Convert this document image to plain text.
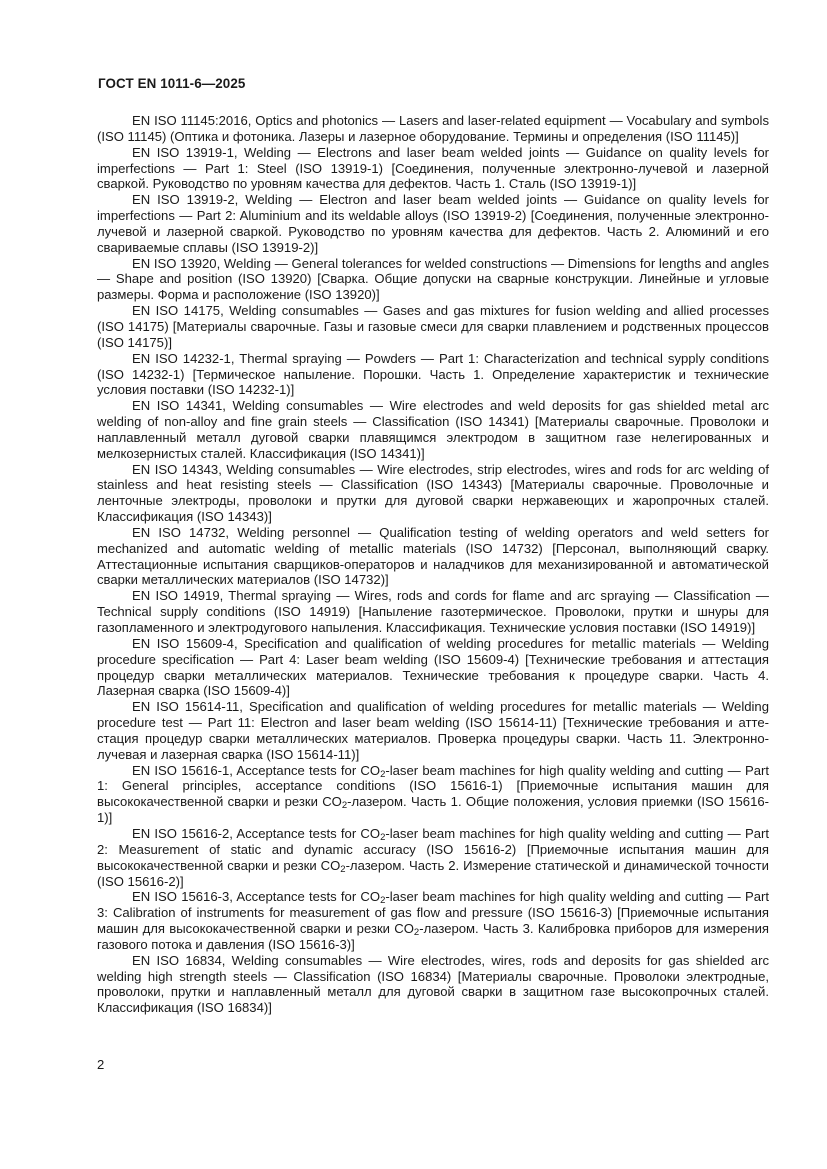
ГОСТ EN 1011-6—2025

EN ISO 11145:2016, Optics and photonics — Lasers and laser-related equipment — Vocabulary and symbols (ISO 11145) (Оптика и фотоника. Лазеры и лазерное оборудование. Термины и определения (ISO 11145)]

EN ISO 13919-1, Welding — Electrons and laser beam welded joints — Guidance on quality levels for imperfections — Part 1: Steel (ISO 13919-1) [Соединения, полученные электронно-лучевой и лазерной сваркой. Руководство по уровням качества для дефектов. Часть 1. Сталь (ISO 13919-1)]

EN ISO 13919-2, Welding — Electron and laser beam welded joints — Guidance on quality levels for imperfections — Part 2: Aluminium and its weldable alloys (ISO 13919-2) [Соединения, полученные электронно-лучевой и лазерной сваркой. Руководство по уровням качества для дефектов. Часть 2. Алюминий и его свариваемые сплавы (ISO 13919-2)]

EN ISO 13920, Welding — General tolerances for welded constructions — Dimensions for lengths and angles — Shape and position (ISO 13920) [Сварка. Общие допуски на сварные конструкции. Линейные и угловые размеры. Форма и расположение (ISO 13920)]

EN ISO 14175, Welding consumables — Gases and gas mixtures for fusion welding and allied processes (ISO 14175) [Материалы сварочные. Газы и газовые смеси для сварки плавлением и родственных процессов (ISO 14175)]

EN ISO 14232-1, Thermal spraying — Powders — Part 1: Characterization and technical sypply conditions (ISO 14232-1) [Термическое напыление. Порошки. Часть 1. Определение характеристик и технические условия поставки (ISO 14232-1)]

EN ISO 14341, Welding consumables — Wire electrodes and weld deposits for gas shielded metal arc welding of non-alloy and fine grain steels — Classification (ISO 14341) [Материалы сварочные. Проволоки и наплавленный металл дуговой сварки плавящимся электродом в защитном газе нелегированных и мелкозернистых сталей. Классификация (ISO 14341)]

EN ISO 14343, Welding consumables — Wire electrodes, strip electrodes, wires and rods for arc welding of stainless and heat resisting steels — Classification (ISO 14343) [Материалы сварочные. Проволочные и ленточные электроды, проволоки и прутки для дуговой сварки нержавеющих и жаропрочных сталей. Классификация (ISO 14343)]

EN ISO 14732, Welding personnel — Qualification testing of welding operators and weld setters for mechanized and automatic welding of metallic materials (ISO 14732) [Персонал, выполняющий сварку. Аттестационные испытания сварщиков-операторов и наладчиков для механизированной и автоматической сварки металлических материалов (ISO 14732)]

EN ISO 14919, Thermal spraying — Wires, rods and cords for flame and arc spraying — Classification — Technical supply conditions (ISO 14919) [Напыление газотермическое. Проволоки, прутки и шнуры для газопламенного и электродугового напыления. Классификация. Технические условия поставки (ISO 14919)]

EN ISO 15609-4, Specification and qualification of welding procedures for metallic materials — Welding procedure specification — Part 4: Laser beam welding (ISO 15609-4) [Технические требования и аттестация процедур сварки металлических материалов. Технические требования к процедуре сварки. Часть 4. Лазерная сварка (ISO 15609-4)]

EN ISO 15614-11, Specification and qualification of welding procedures for metallic materials — Welding procedure test — Part 11: Electron and laser beam welding (ISO 15614-11) [Технические требования и аттестация процедур сварки металлических материалов. Проверка процедуры сварки. Часть 11. Электронно-лучевая и лазерная сварка (ISO 15614-11)]

EN ISO 15616-1, Acceptance tests for $CO_2$-laser beam machines for high quality welding and cutting — Part 1: General principles, acceptance conditions (ISO 15616-1) [Приемочные испытания машин для высококачественной сварки и резки $CO_2$-лазером. Часть 1. Общие положения, условия приемки (ISO 15616-1)]

EN ISO 15616-2, Acceptance tests for $CO_2$-laser beam machines for high quality welding and cutting — Part 2: Measurement of static and dynamic accuracy (ISO 15616-2) [Приемочные испытания машин для высококачественной сварки и резки $CO_2$-лазером. Часть 2. Измерение статической и динамической точности (ISO 15616-2)]

EN ISO 15616-3, Acceptance tests for $CO_2$-laser beam machines for high quality welding and cutting — Part 3: Calibration of instruments for measurement of gas flow and pressure (ISO 15616-3) [Приемочные испытания машин для высококачественной сварки и резки $CO_2$-лазером. Часть 3. Калибровка приборов для измерения газового потока и давления (ISO 15616-3)]

EN ISO 16834, Welding consumables — Wire electrodes, wires, rods and deposits for gas shielded arc welding high strength steels — Classification (ISO 16834) [Материалы сварочные. Проволоки электродные, проволоки, прутки и наплавленный металл для дуговой сварки в защитном газе высокопрочных сталей. Классификация (ISO 16834)]

2
